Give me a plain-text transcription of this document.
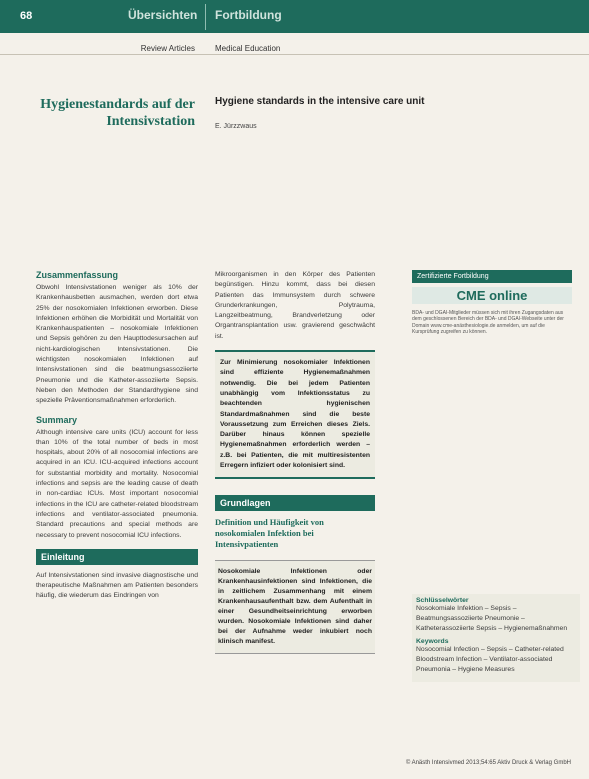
68	Übersichten Fortbildung
Review Articles	Medical Education
Hygienestandards auf der Intensivstation
Hygiene standards in the intensive care unit
E. Jürzzwaus
Zusammenfassung

Obwohl Intensivstationen weniger als 10% der Krankenhausbetten ausmachen, werden dort etwa 25% der nosokomialen Infektionen erworben. Diese Infektionen erhöhen die Morbidität und Mortalität von Krankenhauspatienten – nosokomiale Infektionen und Sepsis gehören zu den Haupttodesursachen auf nicht-kardiologischen Intensivstationen. Die wichtigsten nosokomialen Infektionen auf Intensivstationen sind die beatmungsassoziierte Pneumonie und die Katheter-assoziierte Sepsis. Neben den Methoden der Standardhygiene sind spezielle Präventionsmaßnahmen erforderlich.

Summary

Although intensive care units (ICU) account for less than 10% of the total number of beds in most hospitals, about 20% of all nosocomial infections are acquired in an ICU. ICU-acquired infections account for substantial morbidity and mortality. Nosocomial infections and sepsis are the leading cause of death in non-cardiac ICUs. Most important nosocomial infections in the ICU are catheter-related bloodstream infections and ventilator-associated pneumonia. Standard precautions and special methods are necessary to prevent nosocomial ICU infections.

Einleitung

Auf Intensivstationen sind invasive diagnostische und therapeutische Maßnahmen am Patienten besonders häufig, die wiederum das Eindringen von

Mikroorganismen in den Körper des Patienten begünstigen. Hinzu kommt, dass bei diesen Patienten das Immunsystem durch schwere Grunderkrankungen, Polytrauma, Langzeitbeatmung, Brandverletzung oder Organtransplantation usw. gravierend geschwächt ist.

Zur Minimierung nosokomialer Infektionen sind effiziente Hygienemaßnahmen notwendig. Die bei jedem Patienten unabhängig vom Infektionsstatus zu beachtenden hygienischen Standardmaßnahmen sind die beste Voraussetzung zum Erreichen dieses Ziels. Darüber hinaus können spezielle Hygienemaßnahmen erforderlich werden – z.B. bei Patienten, die mit multiresistenten Erregern infiziert oder kolonisiert sind.

Grundlagen
Definition und Häufigkeit von nosokomialen Infektion bei Intensivpatienten

Nosokomiale Infektionen oder Krankenhausinfektionen sind Infektionen, die in zeitlichem Zusammenhang mit einem Krankenhausaufenthalt bzw. dem Aufenthalt in einer Gesundheitseinrichtung erworben wurden. Nosokomiale Infektionen sind daher bei der Aufnahme weder inkubiert noch klinisch manifest.

Zertifizierte Fortbildung
CME online
BDA- und DGAI-Mitglieder müssen sich mit ihren Zugangsdaten aus dem geschlossenen Bereich der BDA- und DGAI-Webseite unter der Domain www.cme-anästhesiologie.de anmelden, um auf die Kursprüfung zugreifen zu können.

Schlüsselwörter

Nosokomiale Infektion – Sepsis – Beatmungsassoziierte Pneumonie – Katheterassoziierte Sepsis – Hygienemaßnahmen

Keywords

Nosocomial Infection – Sepsis – Catheter-related Bloodstream Infection – Ventilator-associated Pneumonia – Hygiene Measures

© Anästh Intensivmed 2013;54:65 Aktiv Druck & Verlag GmbH
